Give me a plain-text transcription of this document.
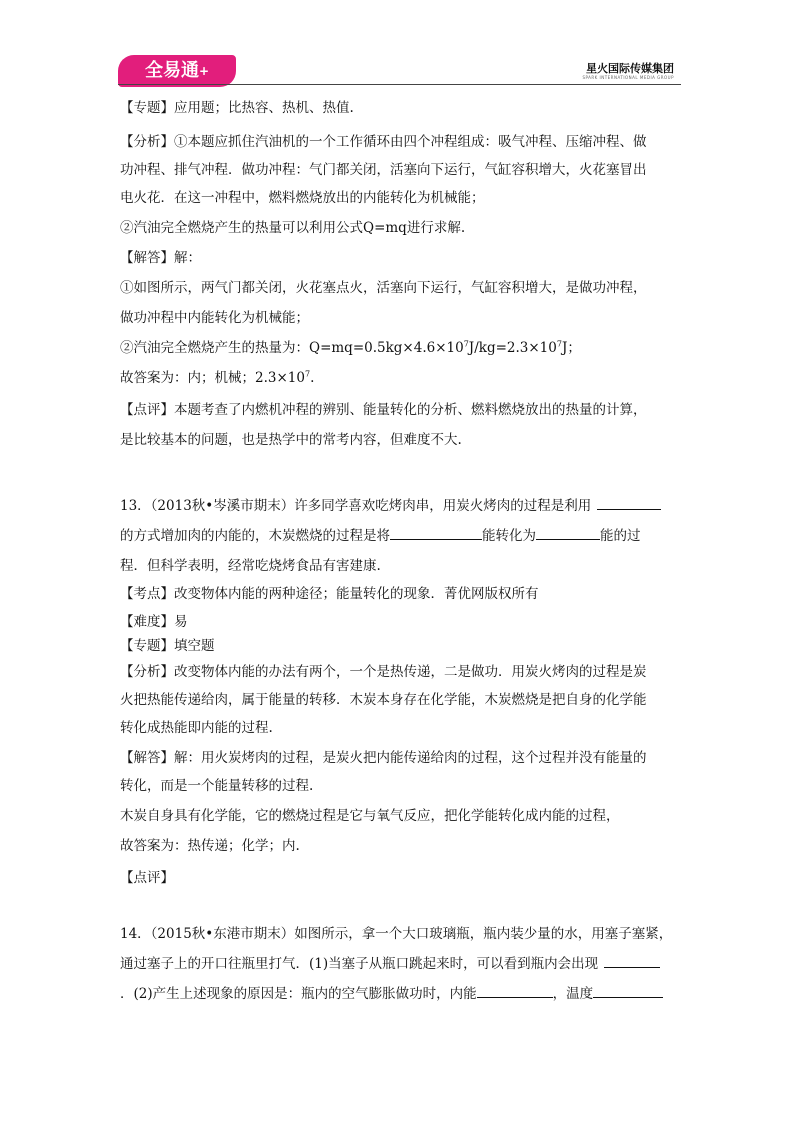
全易通+	星火国际传媒集团
SPARK INTERNATIONAL MEDIA GROUP
【专题】应用题；比热容、热机、热值.
【分析】①本题应抓住汽油机的一个工作循环由四个冲程组成：吸气冲程、压缩冲程、做
功冲程、排气冲程．做功冲程：气门都关闭，活塞向下运行，气缸容积增大，火花塞冒出
电火花．在这一冲程中，燃料燃烧放出的内能转化为机械能；
②汽油完全燃烧产生的热量可以利用公式Q=mq进行求解.
【解答】解：
①如图所示，两气门都关闭，火花塞点火，活塞向下运行，气缸容积增大，是做功冲程，
做功冲程中内能转化为机械能；
②汽油完全燃烧产生的热量为：$Q=mq=0.5kg\times 4.6\times 10^7J/kg=2.3\times 10^7J$；
故答案为：内；机械；$2.3\times 10^7$.
【点评】本题考查了内燃机冲程的辨别、能量转化的分析、燃料燃烧放出的热量的计算，
是比较基本的问题，也是热学中的常考内容，但难度不大.
13．（2013秋•岑溪市期末）许多同学喜欢吃烤肉串，用炭火烤肉的过程是利用
的方式增加肉的内能的，木炭燃烧的过程是将	能转化为	能的过
程．但科学表明，经常吃烧烤食品有害建康.
【考点】改变物体内能的两种途径；能量转化的现象．菁优网版权所有
【难度】易
【专题】填空题
【分析】改变物体内能的办法有两个，一个是热传递，二是做功．用炭火烤肉的过程是炭
火把热能传递给肉，属于能量的转移．木炭本身存在化学能，木炭燃烧是把自身的化学能
转化成热能即内能的过程.
【解答】解：用火炭烤肉的过程，是炭火把内能传递给肉的过程，这个过程并没有能量的
转化，而是一个能量转移的过程.
木炭自身具有化学能，它的燃烧过程是它与氧气反应，把化学能转化成内能的过程，
故答案为：热传递；化学；内.
【点评】
14．（2015秋•东港市期末）如图所示，拿一个大口玻璃瓶，瓶内装少量的水，用塞子塞紧，
通过塞子上的开口往瓶里打气．(1)当塞子从瓶口跳起来时，可以看到瓶内会出现
．(2)产生上述现象的原因是：瓶内的空气膨胀做功时，内能	，温度
